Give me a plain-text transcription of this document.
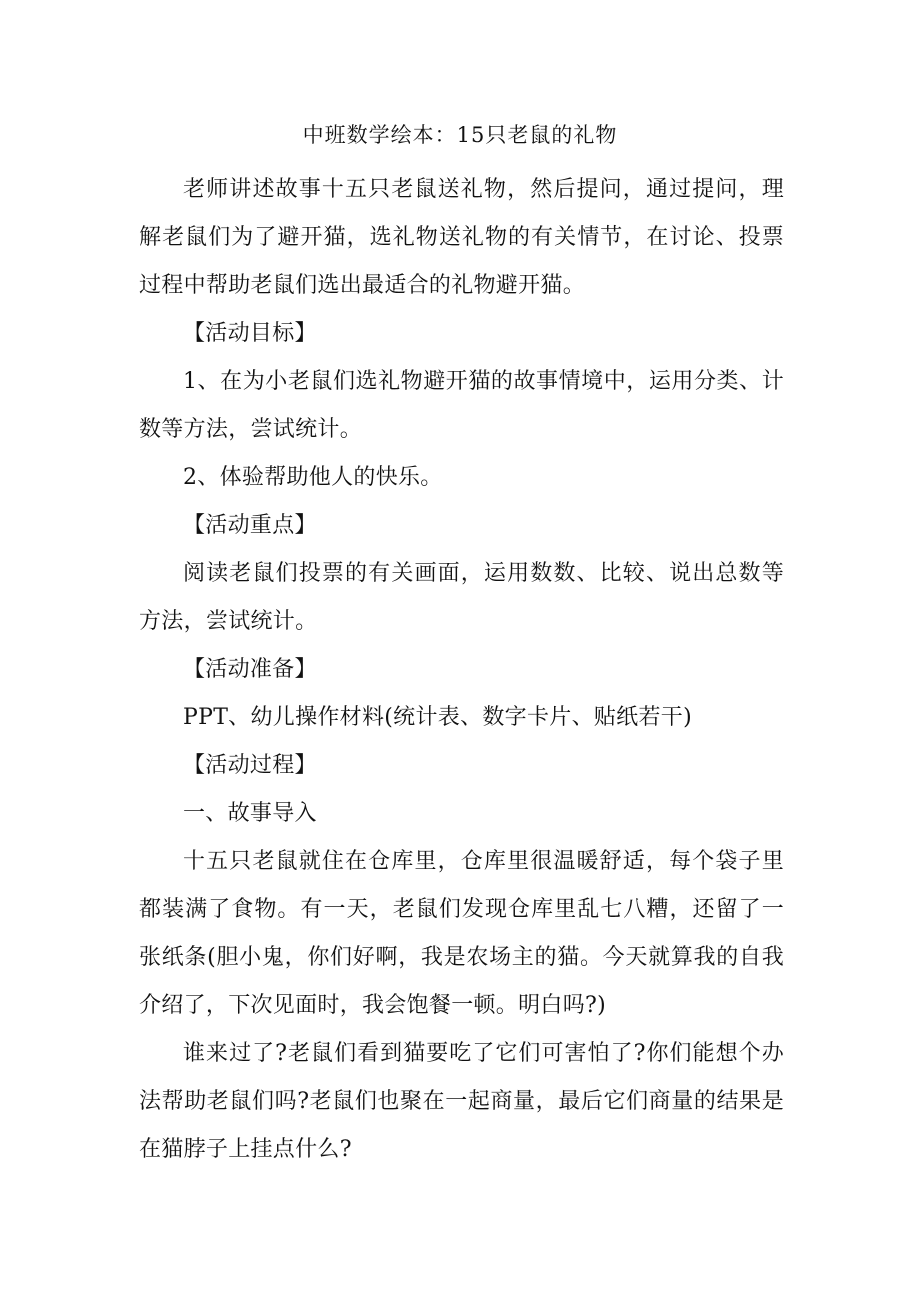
中班数学绘本：15只老鼠的礼物

老师讲述故事十五只老鼠送礼物，然后提问，通过提问，理解老鼠们为了避开猫，选礼物送礼物的有关情节，在讨论、投票过程中帮助老鼠们选出最适合的礼物避开猫。

【活动目标】

1、在为小老鼠们选礼物避开猫的故事情境中，运用分类、计数等方法，尝试统计。

2、体验帮助他人的快乐。

【活动重点】

阅读老鼠们投票的有关画面，运用数数、比较、说出总数等方法，尝试统计。

【活动准备】

PPT、幼儿操作材料(统计表、数字卡片、贴纸若干)

【活动过程】

一、故事导入

十五只老鼠就住在仓库里，仓库里很温暖舒适，每个袋子里都装满了食物。有一天，老鼠们发现仓库里乱七八糟，还留了一张纸条(胆小鬼，你们好啊，我是农场主的猫。今天就算我的自我介绍了，下次见面时，我会饱餐一顿。明白吗?)

谁来过了?老鼠们看到猫要吃了它们可害怕了?你们能想个办法帮助老鼠们吗?老鼠们也聚在一起商量，最后它们商量的结果是在猫脖子上挂点什么?
